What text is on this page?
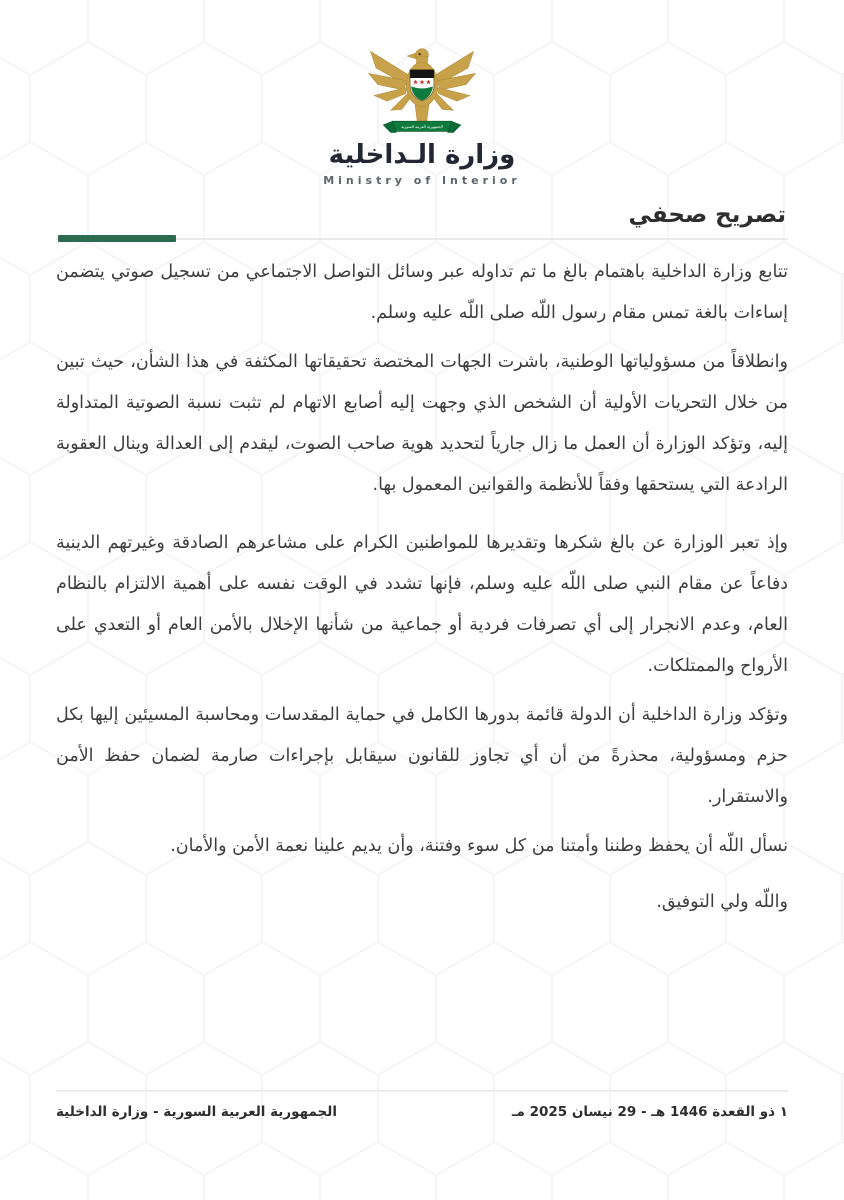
الجمهورية العربية السورية
وزارة الـداخلية
Ministry of Interior
تصريح صحفي

تتابع وزارة الداخلية باهتمام بالغ ما تم تداوله عبر وسائل التواصل الاجتماعي من تسجيل صوتي يتضمن إساءات بالغة تمس مقام رسول اللّه صلى اللّه عليه وسلم.

وانطلاقاً من مسؤولياتها الوطنية، باشرت الجهات المختصة تحقيقاتها المكثفة في هذا الشأن، حيث تبين من خلال التحريات الأولية أن الشخص الذي وجهت إليه أصابع الاتهام لم تثبت نسبة الصوتية المتداولة إليه، وتؤكد الوزارة أن العمل ما زال جارياً لتحديد هوية صاحب الصوت، ليقدم إلى العدالة وينال العقوبة الرادعة التي يستحقها وفقاً للأنظمة والقوانين المعمول بها.

وإذ تعبر الوزارة عن بالغ شكرها وتقديرها للمواطنين الكرام على مشاعرهم الصادقة وغيرتهم الدينية دفاعاً عن مقام النبي صلى اللّه عليه وسلم، فإنها تشدد في الوقت نفسه على أهمية الالتزام بالنظام العام، وعدم الانجرار إلى أي تصرفات فردية أو جماعية من شأنها الإخلال بالأمن العام أو التعدي على الأرواح والممتلكات.

وتؤكد وزارة الداخلية أن الدولة قائمة بدورها الكامل في حماية المقدسات ومحاسبة المسيئين إليها بكل حزم ومسؤولية، محذرةً من أن أي تجاوز للقانون سيقابل بإجراءات صارمة لضمان حفظ الأمن والاستقرار.

نسأل اللّه أن يحفظ وطننا وأمتنا من كل سوء وفتنة، وأن يديم علينا نعمة الأمن والأمان.

واللّه ولي التوفيق.

١ ذو القعدة 1446 هـ - 29 نيسان 2025 مـ
الجمهورية العربية السورية - وزارة الداخلية
